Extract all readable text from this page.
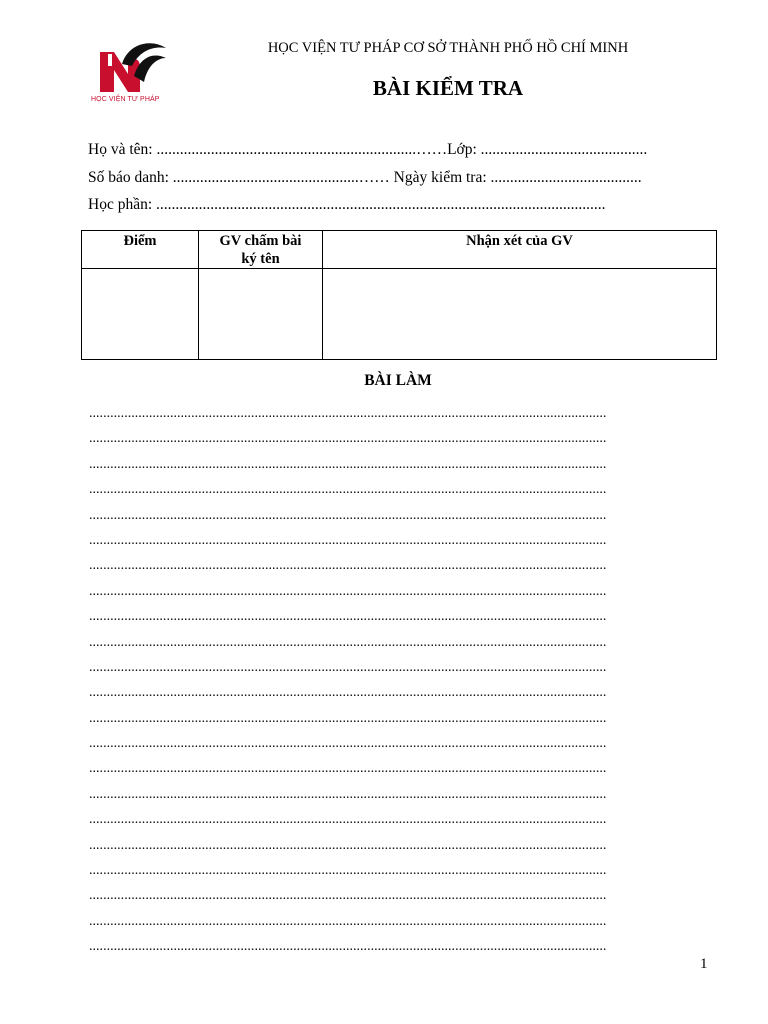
HỌC VIỆN TƯ PHÁP
HỌC VIỆN TƯ PHÁP CƠ SỞ THÀNH PHỐ HỒ CHÍ MINH
BÀI KIỂM TRA
Họ và tên: ...................................................................……Lớp: ...........................................
Số báo danh: ................................................…… Ngày kiểm tra: .......................................
Học phần: ....................................................................................................................
Điểm	GV chấm bài ký tên	Nhận xét của GV

BÀI LÀM
...................................................................................................................................................
...................................................................................................................................................
...................................................................................................................................................
...................................................................................................................................................
...................................................................................................................................................
...................................................................................................................................................
...................................................................................................................................................
...................................................................................................................................................
...................................................................................................................................................
...................................................................................................................................................
...................................................................................................................................................
...................................................................................................................................................
...................................................................................................................................................
...................................................................................................................................................
...................................................................................................................................................
...................................................................................................................................................
...................................................................................................................................................
...................................................................................................................................................
...................................................................................................................................................
...................................................................................................................................................
...................................................................................................................................................
...................................................................................................................................................
1
